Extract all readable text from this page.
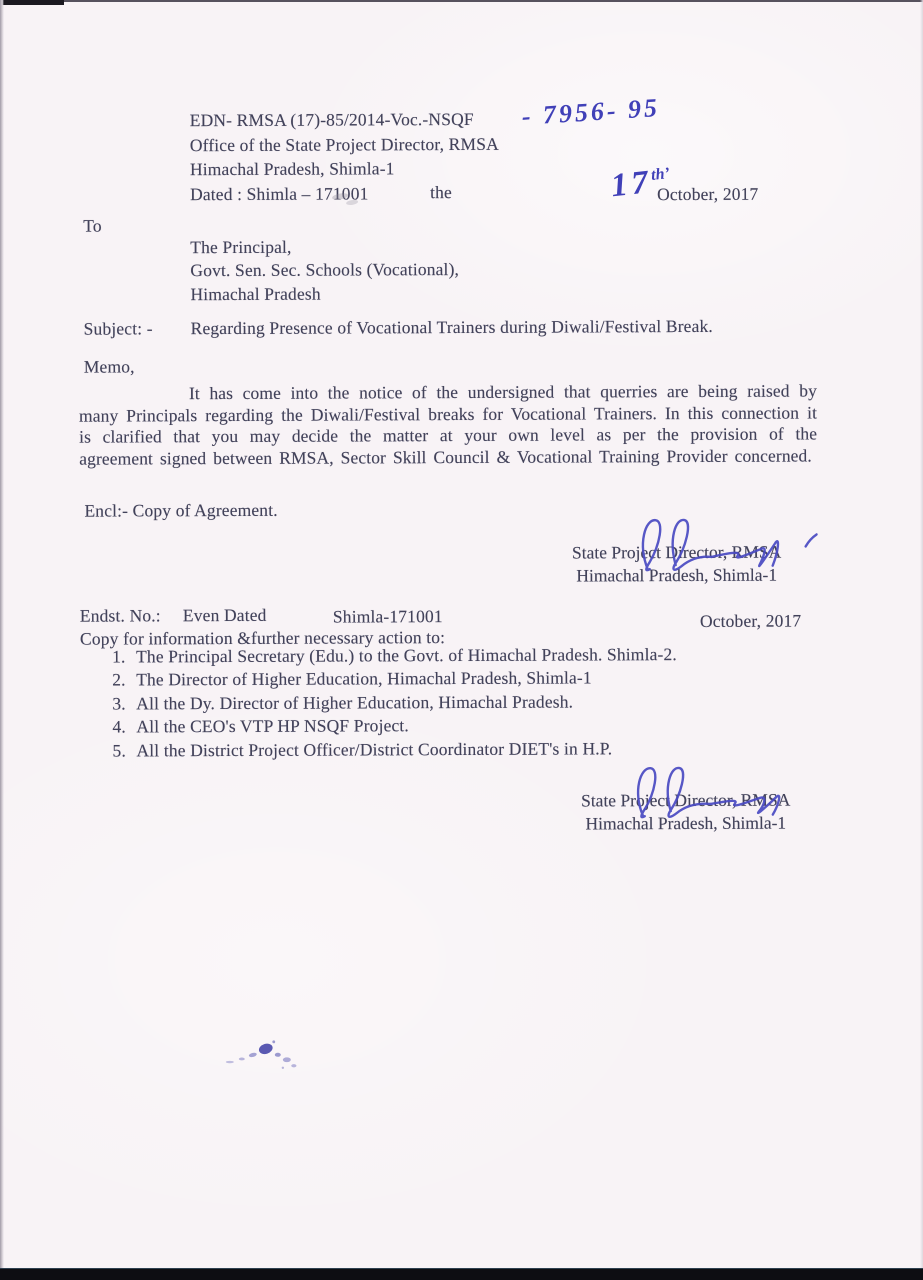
EDN- RMSA (17)-85/2014-Voc.-NSQF
Office of the State Project Director, RMSA
Himachal Pradesh, Shimla-1
Dated : Shimla – 171001
- 7956- 95
the	$17^{th’}$
October, 2017
To
The Principal,
Govt. Sen. Sec. Schools (Vocational),
Himachal Pradesh
Subject: - Regarding Presence of Vocational Trainers during Diwali/Festival Break.
Memo,
It has come into the notice of the undersigned that querries are being raised by many Principals regarding the Diwali/Festival breaks for Vocational Trainers. In this connection it is clarified that you may decide the matter at your own level as per the provision of the agreement signed between RMSA, Sector Skill Council & Vocational Training Provider concerned.
Encl:- Copy of Agreement.
State Project Director, RMSA
Himachal Pradesh, Shimla-1
Endst. No.: Even Dated	Shimla-171001	October, 2017
Copy for information &further necessary action to:
1. The Principal Secretary (Edu.) to the Govt. of Himachal Pradesh. Shimla-2.
2. The Director of Higher Education, Himachal Pradesh, Shimla-1
3. All the Dy. Director of Higher Education, Himachal Pradesh.
4. All the CEO's VTP HP NSQF Project.
5. All the District Project Officer/District Coordinator DIET's in H.P.
State Project Director, RMSA
Himachal Pradesh, Shimla-1
